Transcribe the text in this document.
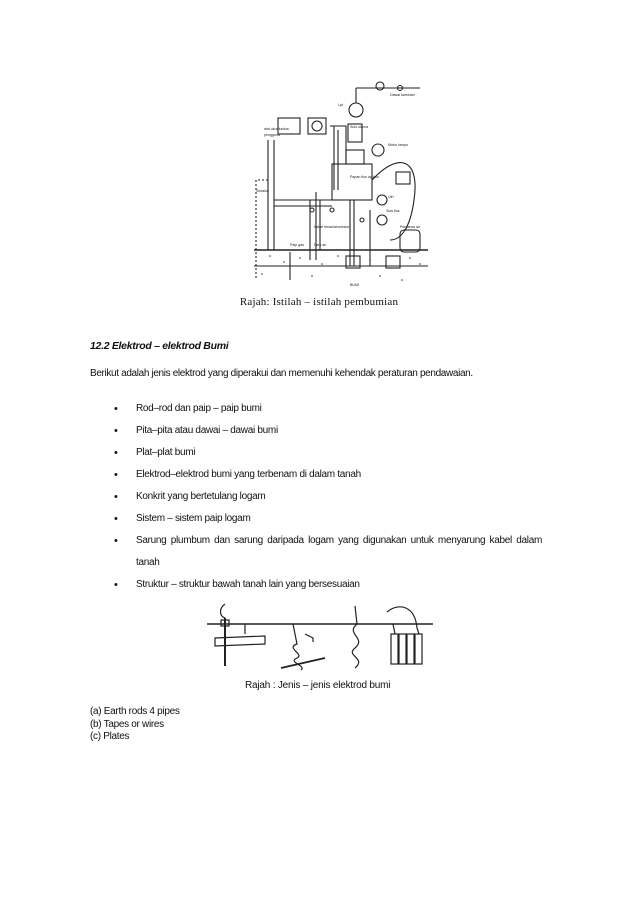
Lpt
Dawai kaminari
Suis utama
pengguna
alat ukur kedua
Sesalur
Papan fius agihan
Motor lampu
Ulrt
Suis fius
Pemanas air
Paip gas	Paip air
Kabel terasi/aluminium
BUMI
Rajah: Istilah – istilah pembumian
12.2 Elektrod – elektrod Bumi
Berikut adalah jenis elektrod yang diperakui dan memenuhi kehendak peraturan pendawaian.
• Rod–rod dan paip – paip bumi
• Pita–pita atau dawai – dawai bumi
• Plat–plat bumi
• Elektrod–elektrod bumi yang terbenam di dalam tanah
• Konkrit yang bertetulang logam
• Sistem – sistem paip logam
• Sarung plumbum dan sarung daripada logam yang digunakan untuk menyarung kabel dalam tanah
• Struktur – struktur bawah tanah lain yang bersesuaian
Rajah : Jenis – jenis elektrod bumi
(a) Earth rods 4 pipes
(b) Tapes or wires
(c) Plates
